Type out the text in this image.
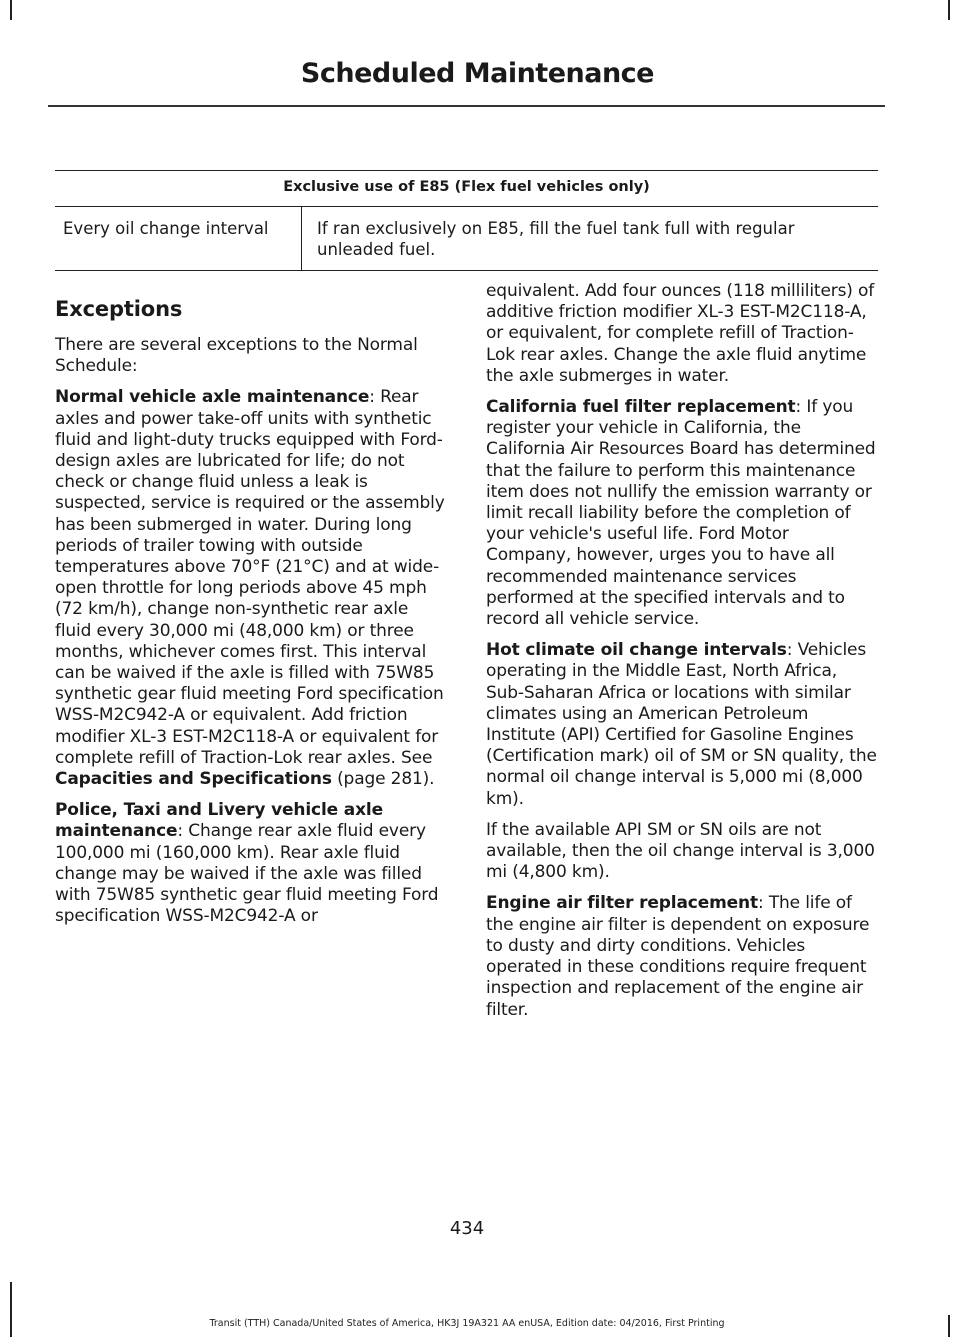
Scheduled Maintenance
Exclusive use of E85 (Flex fuel vehicles only)
Every oil change interval	If ran exclusively on E85, fill the fuel tank full with regular unleaded fuel.
Exceptions

There are several exceptions to the Normal Schedule:

Normal vehicle axle maintenance: Rear axles and power take-off units with synthetic fluid and light-duty trucks equipped with Ford-design axles are lubricated for life; do not check or change fluid unless a leak is suspected, service is required or the assembly has been submerged in water. During long periods of trailer towing with outside temperatures above 70°F (21°C) and at wide-open throttle for long periods above 45 mph (72 km/h), change non-synthetic rear axle fluid every 30,000 mi (48,000 km) or three months, whichever comes first. This interval can be waived if the axle is filled with 75W85 synthetic gear fluid meeting Ford specification WSS-M2C942-A or equivalent. Add friction modifier XL-3 EST-M2C118-A or equivalent for complete refill of Traction-Lok rear axles. See Capacities and Specifications (page 281).

Police, Taxi and Livery vehicle axle maintenance: Change rear axle fluid every 100,000 mi (160,000 km). Rear axle fluid change may be waived if the axle was filled with 75W85 synthetic gear fluid meeting Ford specification WSS-M2C942-A or

equivalent. Add four ounces (118 milliliters) of additive friction modifier XL-3 EST-M2C118-A, or equivalent, for complete refill of Traction-Lok rear axles. Change the axle fluid anytime the axle submerges in water.

California fuel filter replacement: If you register your vehicle in California, the California Air Resources Board has determined that the failure to perform this maintenance item does not nullify the emission warranty or limit recall liability before the completion of your vehicle's useful life. Ford Motor Company, however, urges you to have all recommended maintenance services performed at the specified intervals and to record all vehicle service.

Hot climate oil change intervals: Vehicles operating in the Middle East, North Africa, Sub-Saharan Africa or locations with similar climates using an American Petroleum Institute (API) Certified for Gasoline Engines (Certification mark) oil of SM or SN quality, the normal oil change interval is 5,000 mi (8,000 km).

If the available API SM or SN oils are not available, then the oil change interval is 3,000 mi (4,800 km).

Engine air filter replacement: The life of the engine air filter is dependent on exposure to dusty and dirty conditions. Vehicles operated in these conditions require frequent inspection and replacement of the engine air filter.

434
Transit (TTH) Canada/United States of America, HK3J 19A321 AA enUSA, Edition date: 04/2016, First Printing
